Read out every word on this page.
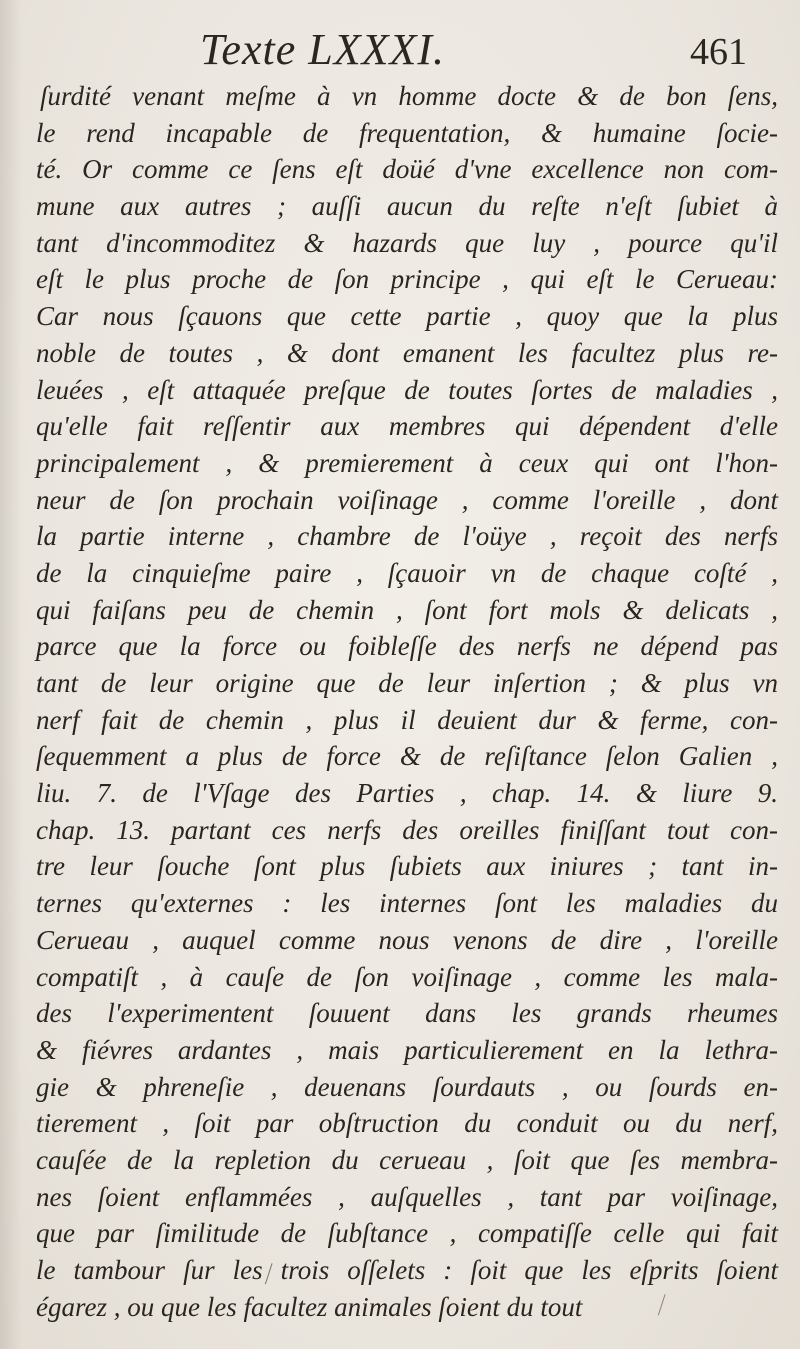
Texte LXXXI.	461
ſurdité venant meſme à vn homme docte & de bon ſens,
le rend incapable de frequentation, & humaine ſocie-
té. Or comme ce ſens eſt doüé d'vne excellence non com-
mune aux autres ; auſſi aucun du reſte n'eſt ſubiet à
tant d'incommoditez & hazards que luy , pource qu'il
eſt le plus proche de ſon principe , qui eſt le Cerueau:
Car nous ſçauons que cette partie , quoy que la plus
noble de toutes , & dont emanent les facultez plus re-
leuées , eſt attaquée preſque de toutes ſortes de maladies ,
qu'elle fait reſſentir aux membres qui dépendent d'elle
principalement , & premierement à ceux qui ont l'hon-
neur de ſon prochain voiſinage , comme l'oreille , dont
la partie interne , chambre de l'oüye , reçoit des nerfs
de la cinquieſme paire , ſçauoir vn de chaque coſté ,
qui faiſans peu de chemin , ſont fort mols & delicats ,
parce que la force ou foibleſſe des nerfs ne dépend pas
tant de leur origine que de leur inſertion ; & plus vn
nerf fait de chemin , plus il deuient dur & ferme, con-
ſequemment a plus de force & de reſiſtance ſelon Galien ,
liu. 7. de l'Vſage des Parties , chap. 14. & liure 9.
chap. 13. partant ces nerfs des oreilles finiſſant tout con-
tre leur ſouche ſont plus ſubiets aux iniures ; tant in-
ternes qu'externes : les internes ſont les maladies du
Cerueau , auquel comme nous venons de dire , l'oreille
compatiſt , à cauſe de ſon voiſinage , comme les mala-
des l'experimentent ſouuent dans les grands rheumes
& fiévres ardantes , mais particulierement en la lethra-
gie & phreneſie , deuenans ſourdauts , ou ſourds en-
tierement , ſoit par obſtruction du conduit ou du nerf,
cauſée de la repletion du cerueau , ſoit que ſes membra-
nes ſoient enflammées , auſquelles , tant par voiſinage,
que par ſimilitude de ſubſtance , compatiſſe celle qui fait
le tambour ſur les trois oſſelets : ſoit que les eſprits ſoient
égarez , ou que les facultez animales ſoient du tout
